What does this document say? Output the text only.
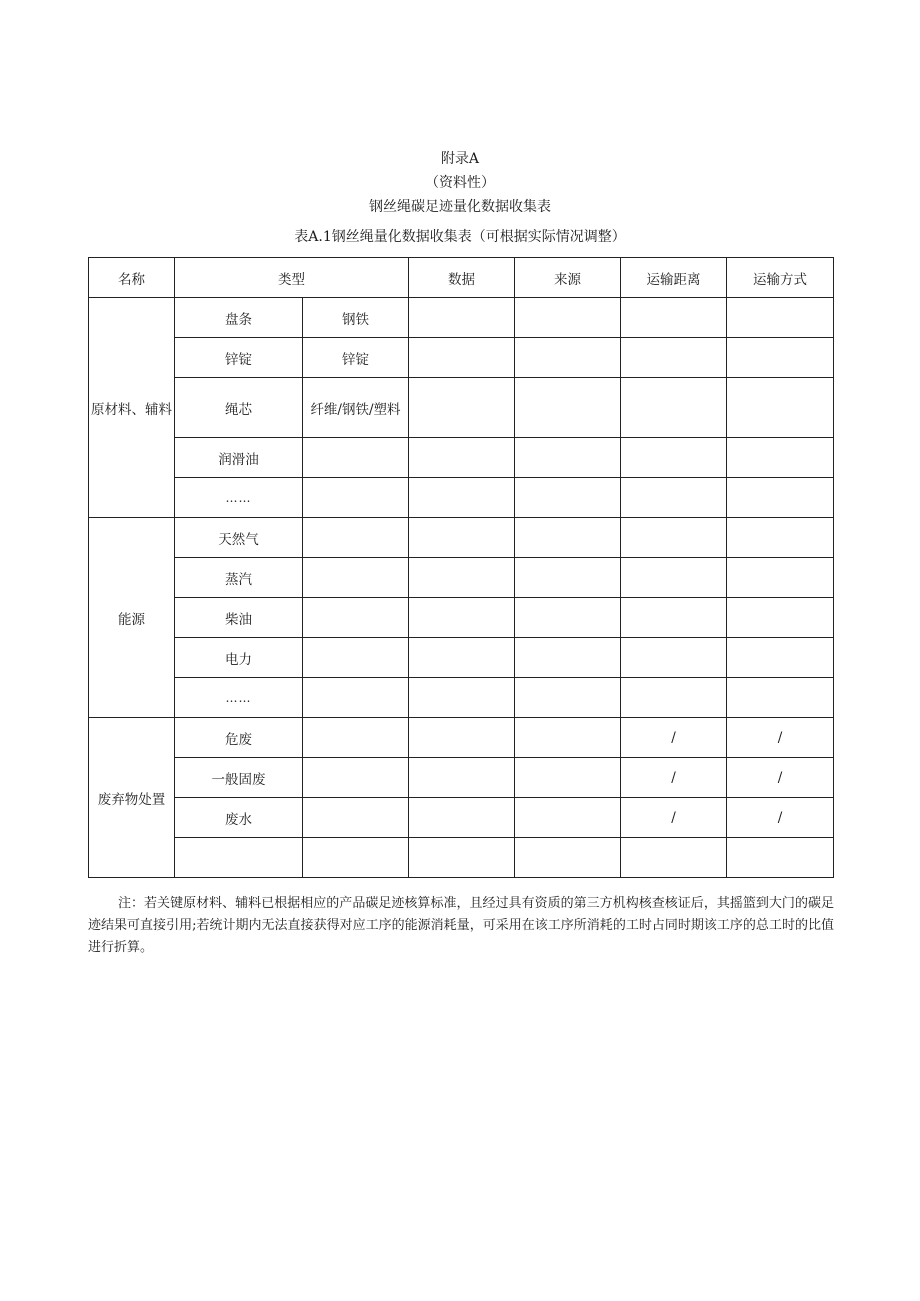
附录A
（资料性）
钢丝绳碳足迹量化数据收集表
表A.1钢丝绳量化数据收集表（可根据实际情况调整）
名称	类型		数据	来源	运输距离	运输方式
原材料、辅料	盘条	钢铁				
	锌锭	锌锭				
	绳芯	纤维/钢铁/塑料				
	润滑油					
	……					
能源	天然气					
	蒸汽					
	柴油					
	电力					
	……					
废弃物处置	危废				/	/
	一般固废				/	/
	废水				/	/

注：若关键原材料、辅料已根据相应的产品碳足迹核算标准，且经过具有资质的第三方机构核查核证后，其摇篮到大门的碳足迹结果可直接引用;若统计期内无法直接获得对应工序的能源消耗量，可采用在该工序所消耗的工时占同时期该工序的总工时的比值进行折算。
